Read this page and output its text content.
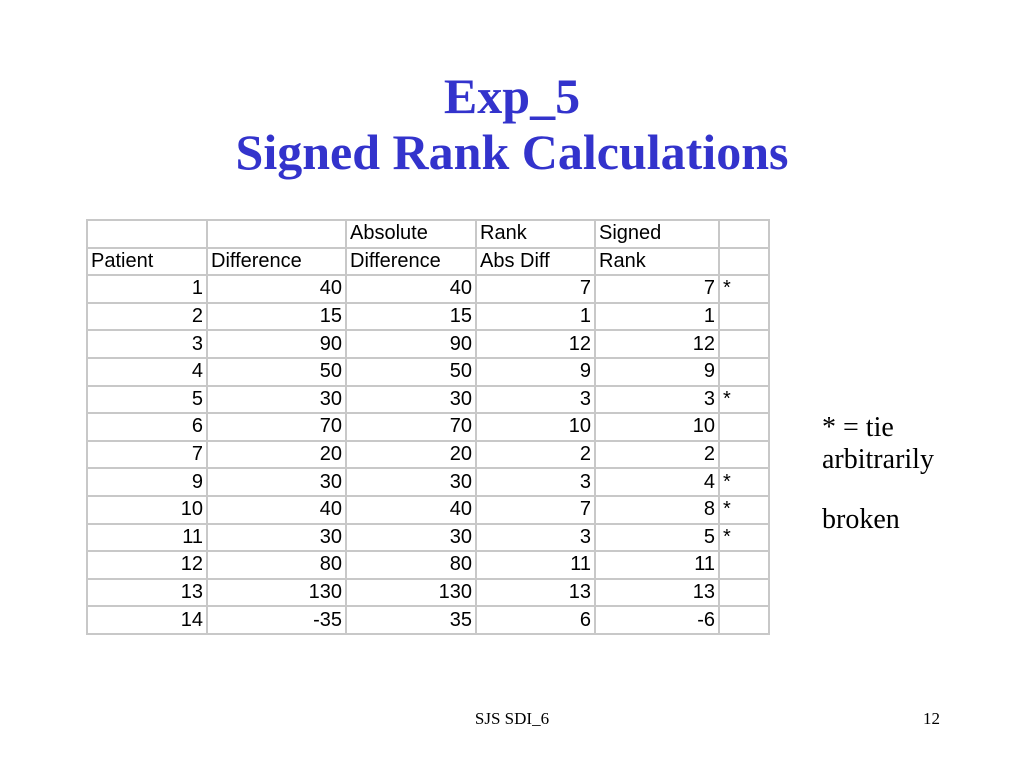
Exp_5
Signed Rank Calculations
		Absolute	Rank	Signed	
Patient	Difference	Difference	Abs Diff	Rank	
1	40	40	7	7	*
2	15	15	1	1	
3	90	90	12	12	
4	50	50	9	9	
5	30	30	3	3	*
6	70	70	10	10	
7	20	20	2	2	
9	30	30	3	4	*
10	40	40	7	8	*
11	30	30	3	5	*
12	80	80	11	11	
13	130	130	13	13	
14	-35	35	6	-6	
* = tie
arbitrarily
broken
SJS SDI_6	12
